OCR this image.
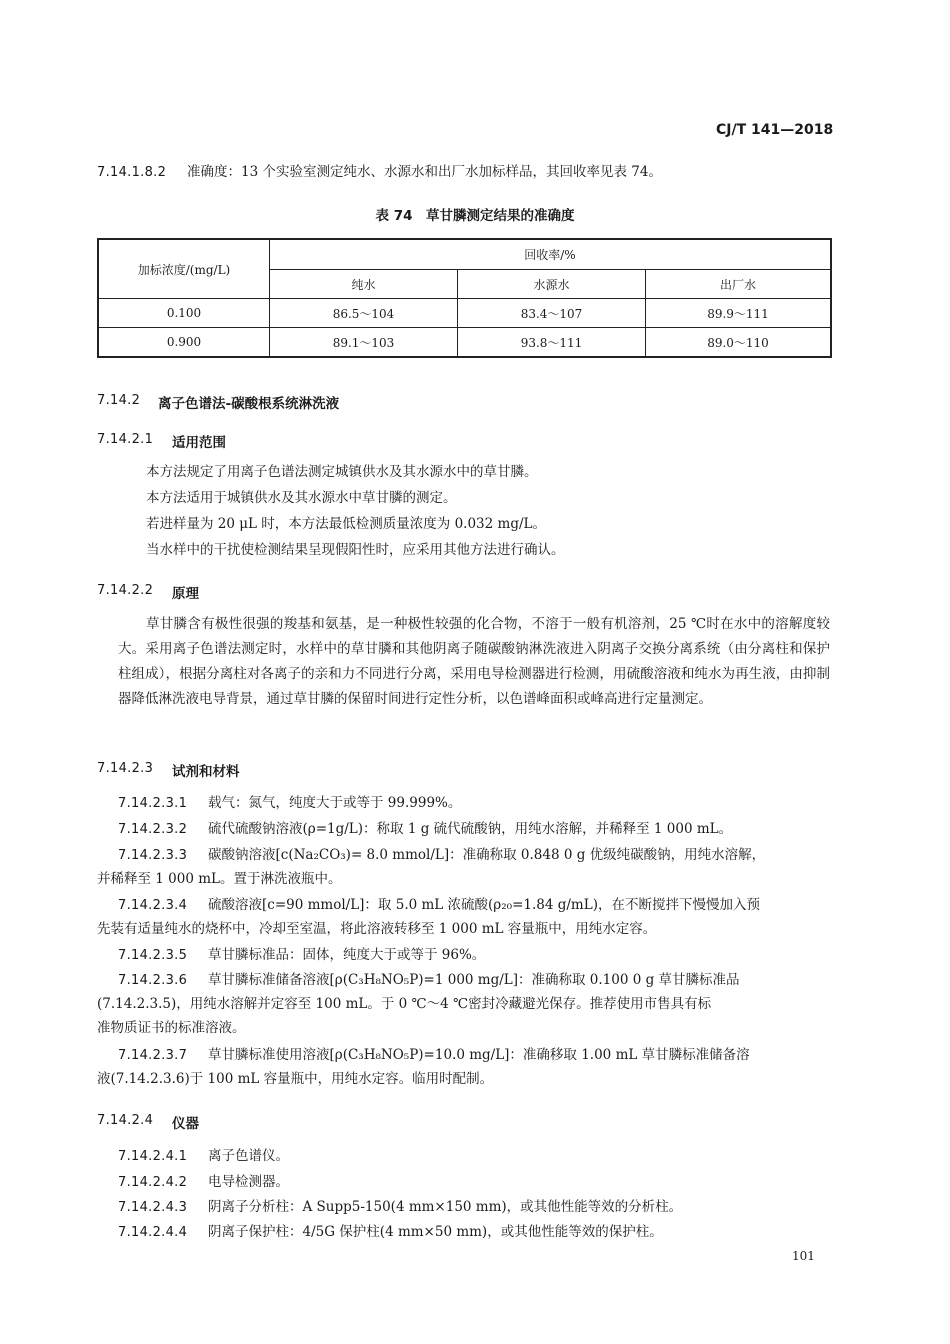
CJ/T 141—2018
7.14.1.8.2 准确度：13 个实验室测定纯水、水源水和出厂水加标样品，其回收率见表 74。
表 74　草甘膦测定结果的准确度
加标浓度/(mg/L)	回收率/%		
	纯水	水源水	出厂水
0.100	86.5～104	83.4～107	89.9～111
0.900	89.1～103	93.8～111	89.0～110
7.14.2 离子色谱法-碳酸根系统淋洗液
7.14.2.1 适用范围
本方法规定了用离子色谱法测定城镇供水及其水源水中的草甘膦。
本方法适用于城镇供水及其水源水中草甘膦的测定。
若进样量为 20 μL 时，本方法最低检测质量浓度为 0.032 mg/L。
当水样中的干扰使检测结果呈现假阳性时，应采用其他方法进行确认。
7.14.2.2 原理
草甘膦含有极性很强的羧基和氨基，是一种极性较强的化合物，不溶于一般有机溶剂，25 ℃时在水中的溶解度较大。采用离子色谱法测定时，水样中的草甘膦和其他阴离子随碳酸钠淋洗液进入阴离子交换分离系统（由分离柱和保护柱组成），根据分离柱对各离子的亲和力不同进行分离，采用电导检测器进行检测，用硫酸溶液和纯水为再生液，由抑制器降低淋洗液电导背景，通过草甘膦的保留时间进行定性分析，以色谱峰面积或峰高进行定量测定。
7.14.2.3 试剂和材料
7.14.2.3.1 载气：氮气，纯度大于或等于 99.999%。
7.14.2.3.2 硫代硫酸钠溶液(ρ=1g/L)：称取 1 g 硫代硫酸钠，用纯水溶解，并稀释至 1 000 mL。
7.14.2.3.3 碳酸钠溶液[c(Na₂CO₃)= 8.0 mmol/L]：准确称取 0.848 0 g 优级纯碳酸钠，用纯水溶解，
并稀释至 1 000 mL。置于淋洗液瓶中。
7.14.2.3.4 硫酸溶液[c=90 mmol/L]：取 5.0 mL 浓硫酸(ρ₂₀=1.84 g/mL)，在不断搅拌下慢慢加入预
先装有适量纯水的烧杯中，冷却至室温，将此溶液转移至 1 000 mL 容量瓶中，用纯水定容。
7.14.2.3.5 草甘膦标准品：固体，纯度大于或等于 96%。
7.14.2.3.6 草甘膦标准储备溶液[ρ(C₃H₈NO₅P)=1 000 mg/L]：准确称取 0.100 0 g 草甘膦标准品
(7.14.2.3.5)，用纯水溶解并定容至 100 mL。于 0 ℃～4 ℃密封冷藏避光保存。推荐使用市售具有标
准物质证书的标准溶液。
7.14.2.3.7 草甘膦标准使用溶液[ρ(C₃H₈NO₅P)=10.0 mg/L]：准确移取 1.00 mL 草甘膦标准储备溶
液(7.14.2.3.6)于 100 mL 容量瓶中，用纯水定容。临用时配制。
7.14.2.4 仪器
7.14.2.4.1 离子色谱仪。
7.14.2.4.2 电导检测器。
7.14.2.4.3 阴离子分析柱：A Supp5-150(4 mm×150 mm)，或其他性能等效的分析柱。
7.14.2.4.4 阴离子保护柱：4/5G 保护柱(4 mm×50 mm)，或其他性能等效的保护柱。
101
